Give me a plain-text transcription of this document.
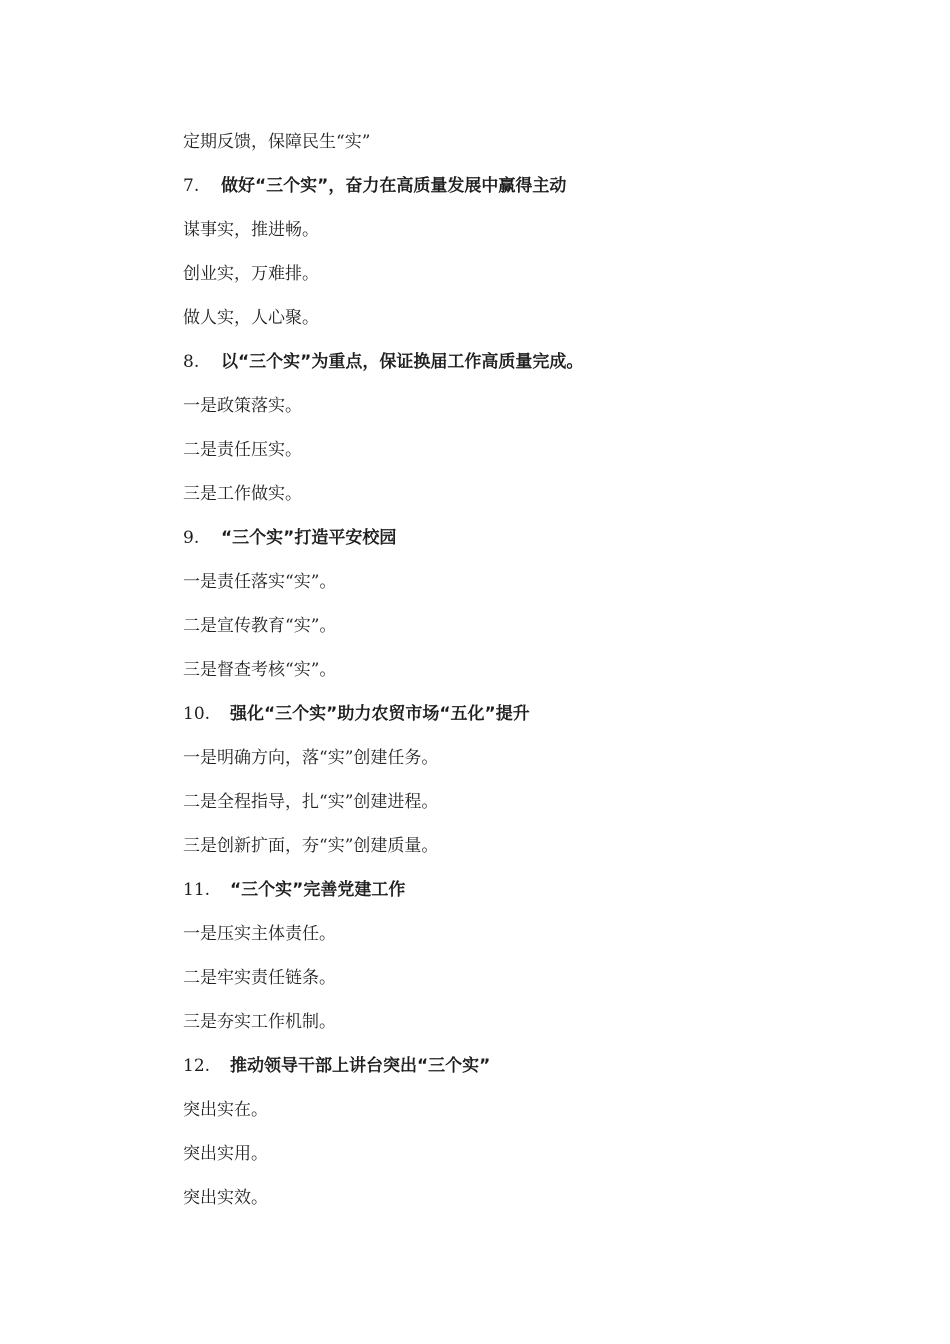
定期反馈，保障民生“实”
7. 做好“三个实”，奋力在高质量发展中赢得主动
谋事实，推进畅。
创业实，万难排。
做人实，人心聚。
8. 以“三个实”为重点，保证换届工作高质量完成。
一是政策落实。
二是责任压实。
三是工作做实。
9. “三个实”打造平安校园
一是责任落实“实”。
二是宣传教育“实”。
三是督查考核“实”。
10. 强化“三个实”助力农贸市场“五化”提升
一是明确方向，落“实”创建任务。
二是全程指导，扎“实”创建进程。
三是创新扩面，夯“实”创建质量。
11. “三个实”完善党建工作
一是压实主体责任。
二是牢实责任链条。
三是夯实工作机制。
12. 推动领导干部上讲台突出“三个实”
突出实在。
突出实用。
突出实效。
